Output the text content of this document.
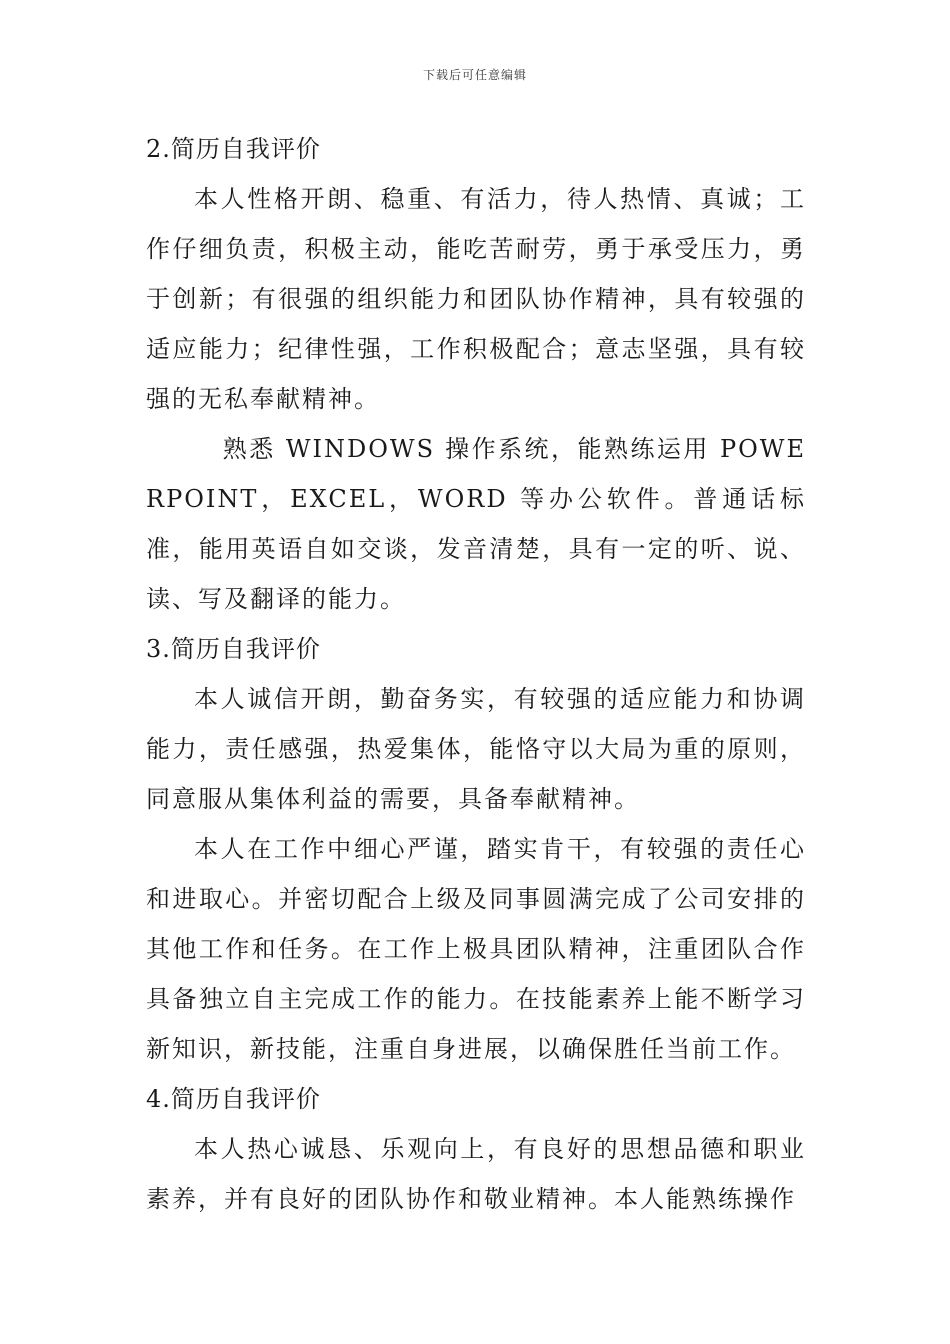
下载后可任意编辑
2.简历自我评价
本人性格开朗、稳重、有活力，待人热情、真诚；工作仔细负责，积极主动，能吃苦耐劳，勇于承受压力，勇于创新；有很强的组织能力和团队协作精神，具有较强的适应能力；纪律性强，工作积极配合；意志坚强，具有较强的无私奉献精神。
熟悉 WINDOWS 操作系统，能熟练运用 POWERPOINT，EXCEL，WORD 等办公软件。普通话标准，能用英语自如交谈，发音清楚，具有一定的听、说、读、写及翻译的能力。
3.简历自我评价
本人诚信开朗，勤奋务实，有较强的适应能力和协调能力，责任感强，热爱集体，能恪守以大局为重的原则，同意服从集体利益的需要，具备奉献精神。
本人在工作中细心严谨，踏实肯干，有较强的责任心和进取心。并密切配合上级及同事圆满完成了公司安排的其他工作和任务。在工作上极具团队精神，注重团队合作具备独立自主完成工作的能力。在技能素养上能不断学习新知识，新技能，注重自身进展，以确保胜任当前工作。
4.简历自我评价
本人热心诚恳、乐观向上，有良好的思想品德和职业素养，并有良好的团队协作和敬业精神。本人能熟练操作
